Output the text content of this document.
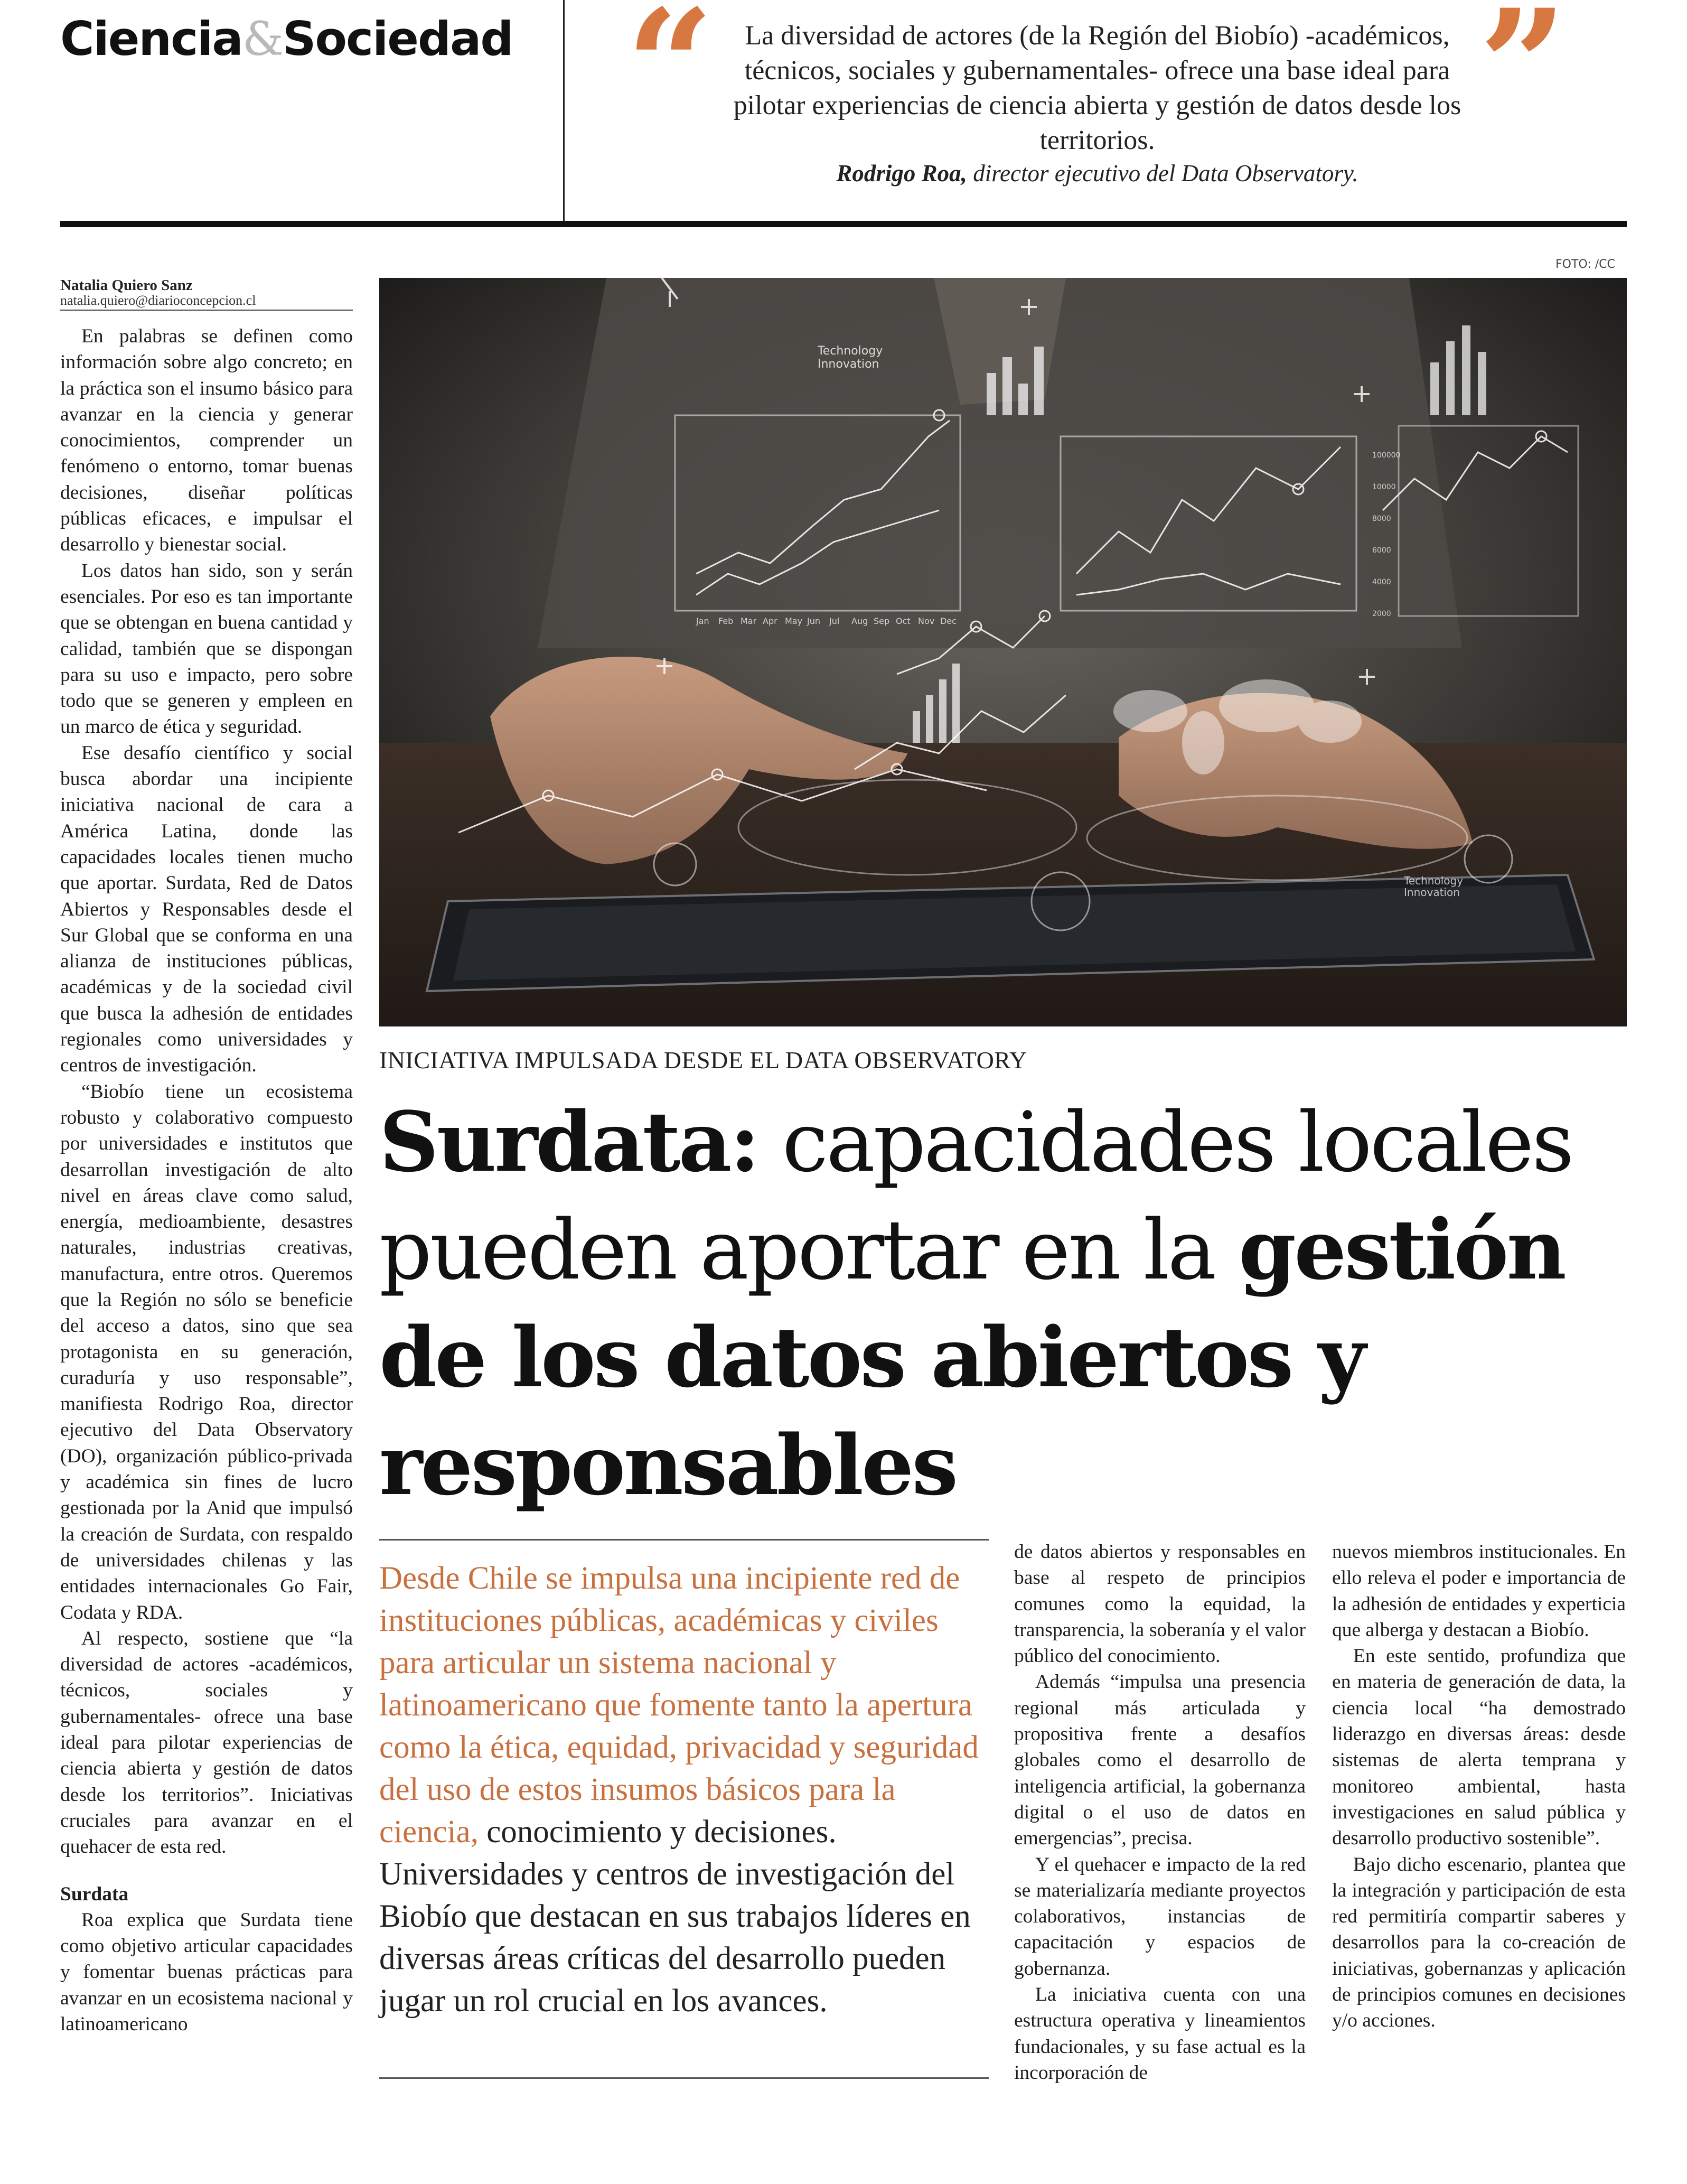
Ciencia&Sociedad “	”
La diversidad de actores (de la Región del Biobío) -académicos, técnicos, sociales y gubernamentales- ofrece una base ideal para pilotar experiencias de ciencia abierta y gestión de datos desde los territorios.
Rodrigo Roa, director ejecutivo del Data Observatory.
Natalia Quiero Sanz
natalia.quiero@diarioconcepcion.cl
FOTO: /CC

En palabras se definen como información sobre algo concreto; en la práctica son el insumo básico para avanzar en la ciencia y generar conocimientos, comprender un fenómeno o entorno, tomar buenas decisiones, diseñar políticas públicas eficaces, e impulsar el desarrollo y bienestar social.

Los datos han sido, son y serán esenciales. Por eso es tan importante que se obtengan en buena cantidad y calidad, también que se dispongan para su uso e impacto, pero sobre todo que se generen y empleen en un marco de ética y seguridad.

Ese desafío científico y social busca abordar una incipiente iniciativa nacional de cara a América Latina, donde las capacidades locales tienen mucho que aportar. Surdata, Red de Datos Abiertos y Responsables desde el Sur Global que se conforma en una alianza de instituciones públicas, académicas y de la sociedad civil que busca la adhesión de entidades regionales como universidades y centros de investigación.

“Biobío tiene un ecosistema robusto y colaborativo compuesto por universidades e institutos que desarrollan investigación de alto nivel en áreas clave como salud, energía, medioambiente, desastres naturales, industrias creativas, manufactura, entre otros. Queremos que la Región no sólo se beneficie del acceso a datos, sino que sea protagonista en su generación, curaduría y uso responsable”, manifiesta Rodrigo Roa, director ejecutivo del Data Observatory (DO), organización público-privada y académica sin fines de lucro gestionada por la Anid que impulsó la creación de Surdata, con respaldo de universidades chilenas y las entidades internacionales Go Fair, Codata y RDA.

Al respecto, sostiene que “la diversidad de actores -académicos, técnicos, sociales y gubernamentales- ofrece una base ideal para pilotar experiencias de ciencia abierta y gestión de datos desde los territorios”. Iniciativas cruciales para avanzar en el quehacer de esta red.

Surdata

Roa explica que Surdata tiene como objetivo articular capacidades y fomentar buenas prácticas para avanzar en un ecosistema nacional y latinoamericano

Technology
Innovation
Technology
Innovation
Jan Feb Mar Apr May Jun Jul Aug Sep Oct Nov Dec
100000
10000
8000
6000
4000
2000
INICIATIVA IMPULSADA DESDE EL DATA OBSERVATORY
Surdata: capacidades locales pueden aportar en la gestión de los datos abiertos y responsables
Desde Chile se impulsa una incipiente red de instituciones públicas, académicas y civiles para articular un sistema nacional y latinoamericano que fomente tanto la apertura como la ética, equidad, privacidad y seguridad del uso de estos insumos básicos para la ciencia, conocimiento y decisiones. Universidades y centros de investigación del Biobío que destacan en sus trabajos líderes en diversas áreas críticas del desarrollo pueden jugar un rol crucial en los avances.

de datos abiertos y responsables en base al respeto de principios comunes como la equidad, la transparencia, la soberanía y el valor público del conocimiento.

Además “impulsa una presencia regional más articulada y propositiva frente a desafíos globales como el desarrollo de inteligencia artificial, la gobernanza digital o el uso de datos en emergencias”, precisa.

Y el quehacer e impacto de la red se materializaría mediante proyectos colaborativos, instancias de capacitación y espacios de gobernanza.

La iniciativa cuenta con una estructura operativa y lineamientos fundacionales, y su fase actual es la incorporación de

nuevos miembros institucionales. En ello releva el poder e importancia de la adhesión de entidades y experticia que alberga y destacan a Biobío.

En este sentido, profundiza que en materia de generación de data, la ciencia local “ha demostrado liderazgo en diversas áreas: desde sistemas de alerta temprana y monitoreo ambiental, hasta investigaciones en salud pública y desarrollo productivo sostenible”.

Bajo dicho escenario, plantea que la integración y participación de esta red permitiría compartir saberes y desarrollos para la co-creación de iniciativas, gobernanzas y aplicación de principios comunes en decisiones y/o acciones.
